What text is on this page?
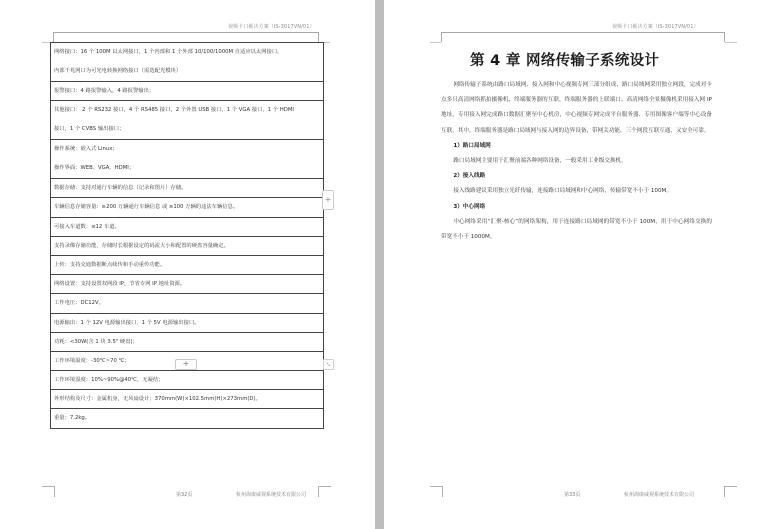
视频卡口解决方案（IS-3017VN/01）
网络接口：16 个 100M 以太网接口，1 个内部和 1 个外部 10/100/1000M 自适应以太网接口，
内部千兆网口为可光电转换网络接口（需选配光模块）
报警接口：4 路报警输入，4 路报警输出；
其他接口： 2 个 RS232 接口，4 个 RS485 接口，2 个外置 USB 接口，1 个 VGA 接口，1 个 HDMI
接口，1 个 CVBS 输出接口；
操作系统：嵌入式 Linux；
操作界面：WEB、VGA、HDMI；
数据存储：支持对通行车辆的信息（记录和图片）存储。
车辆信息存储容量：≥200 万辆通行车辆信息 或 ≥100 万辆的违法车辆信息。
可接入车道数：≤12 车道。
支持录像存储功能，存储时长根据设定的码流大小和配置的硬盘容量确定。
上传：支持交通数据断点续传和手动重传功能。
网络设置：支持设置双网段 IP，节省专网 IP 地址资源。
工作电压：DC12V。
电源输出：1 个 12V 电源输出接口，1 个 5V 电源输出接口。
功耗：<30W(含 1 块 3.5" 硬盘)；
工作环境温度：-30℃~70 ℃；
工作环境湿度：10%~90%@40℃，无凝结；
外形结构及尺寸：金属机身，无风扇设计；370mm(W)×102.5mm(H)×273mm(D)。
重量：7.2kg。
+
+	⤡
第32页	杭州海康威视系统技术有限公司
视频卡口解决方案（IS-3017VN/01）
第 4 章 网络传输子系统设计

网络传输子系统由路口局域网、接入网和中心视频专网三部分组成，路口局域网采用独立网段，完成对卡点多只高清网络抓拍摄像机、终端服务器的互联，终端服务器的上联端口、高清网络全景摄像机采用接入网 IP 地址，专用接入网完成路口数据汇聚至中心机房，中心视频专网完成平台服务器、专用图像客户端等中心设备互联。其中，终端服务器是路口局域网与接入网的边界设备，带网关功能，三个网段互联互通，又安全可靠。

1）路口局域网

路口局域网主要用于汇聚前端各种网络设备，一般采用工业级交换机。

2）接入线路

接入线路建议采用独立光纤传输，连接路口局域网和中心网络，传输带宽不小于 100M。

3）中心网络

中心网络采用“汇聚-核心”的网络架构，用于连接路口局域网的带宽不小于 100M，用于中心网络交换的带宽不小于 1000M。

第33页	杭州海康威视系统技术有限公司
